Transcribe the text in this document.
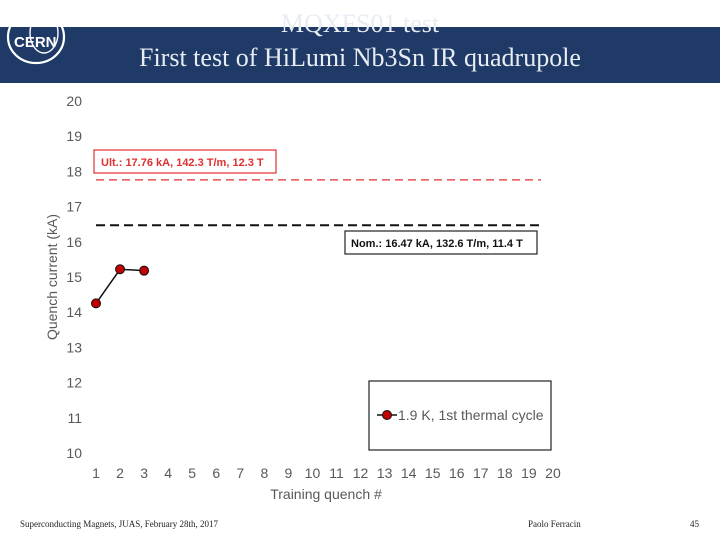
CERN
MQXFS01 test
First test of HiLumi Nb3Sn IR quadrupole
10
11
12
13
14
15
16
17
18
19
20
1 2 3 4 5 6 7 8 9 10 11 12 13 14 15 16 17 18 19 20
Quench current (kA)
Training quench #
Ult.: 17.76 kA, 142.3 T/m, 12.3 T
Nom.: 16.47 kA, 132.6 T/m, 11.4 T
1.9 K, 1st thermal cycle
Superconducting Magnets, JUAS, February 28th, 2017	Paolo Ferracin	45
